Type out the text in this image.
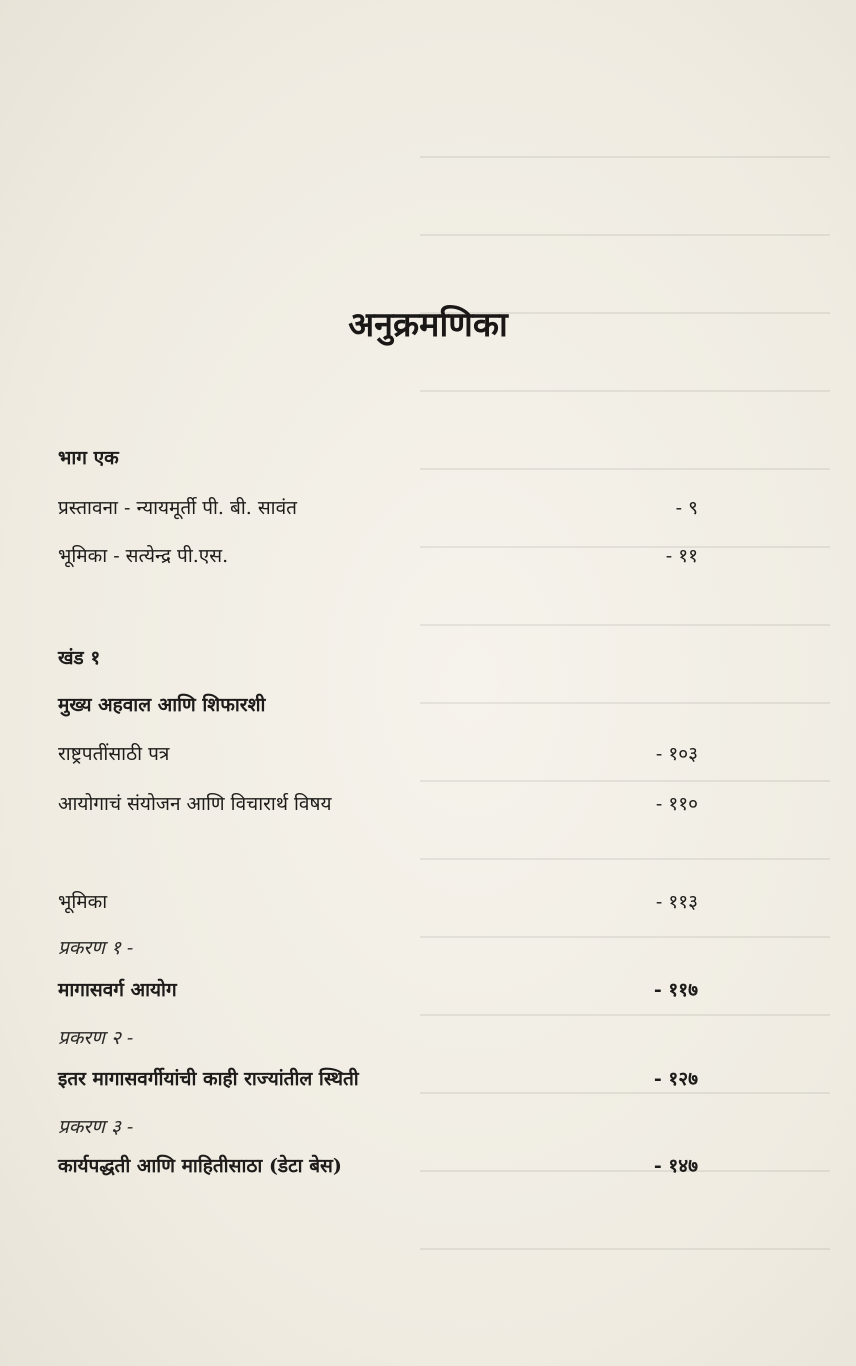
अनुक्रमणिका
भाग एक
प्रस्तावना - न्यायमूर्ती पी. बी. सावंत	- ९
भूमिका - सत्येन्द्र पी.एस.	- ११
खंड १
मुख्य अहवाल आणि शिफारशी
राष्ट्रपतींसाठी पत्र	- १०३
आयोगाचं संयोजन आणि विचारार्थ विषय	- ११०
भूमिका	- ११३
प्रकरण १ -
मागासवर्ग आयोग	- ११७
प्रकरण २ -
इतर मागासवर्गीयांची काही राज्यांतील स्थिती	- १२७
प्रकरण ३ -
कार्यपद्धती आणि माहितीसाठा (डेटा बेस)	- १४७
